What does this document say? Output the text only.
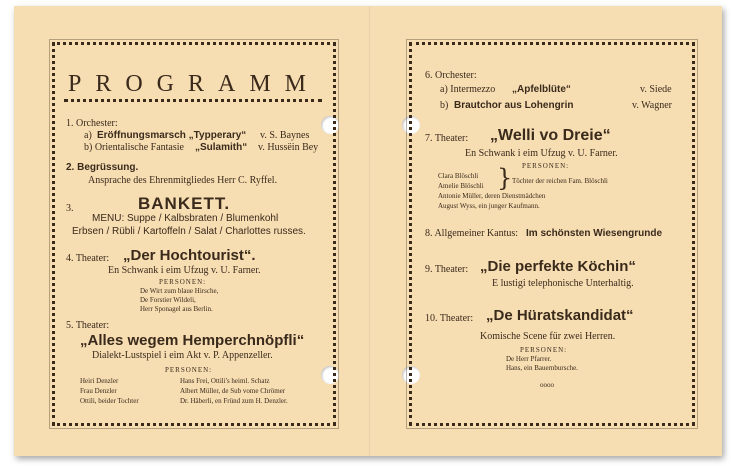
PROGRAMM
1. Orchester:
a) Eröffnungsmarsch „Typperary“ v. S. Baynes
b) Orientalische Fantasie „Sulamith“ v. Hussëin Bey
2. Begrüssung.
Ansprache des Ehrenmitgliedes Herr C. Ryffel.
3.	BANKETT.
MENU: Suppe / Kalbsbraten / Blumenkohl
Erbsen / Rübli / Kartoffeln / Salat / Charlottes russes.
4. Theater: „Der Hochtourist“.
En Schwank i eim Ufzug v. U. Farner.
PERSONEN:
De Wirt zum blaue Hirsche,
De Forstier Wildeli,
Herr Sponagel aus Berlin.
5. Theater:
„Alles wegem Hemperchnöpfli“
Dialekt-Lustspiel i eim Akt v. P. Appenzeller.
PERSONEN:
Heiri Denzler
Frau Denzler
Ottili, beider Tochter
Hans Frei, Ottili's heiml. Schatz
Albert Müller, de Sub vome Chrömer
Dr. Häberli, en Fründ zum H. Denzler.
6. Orchester:
a) Intermezzo „Apfelblüte“	v. Siede
b) Brautchor aus Lohengrin	v. Wagner
7. Theater: „Welli vo Dreie“
En Schwank i eim Ufzug v. U. Farner.
PERSONEN:
Clara Blöschli
Amelie Blöschli } Töchter der reichen Fam. Blöschli
Antonie Müller, deren Dienstmädchen
August Wyss, ein junger Kaufmann.
8. Allgemeiner Kantus: Im schönsten Wiesengrunde
9. Theater: „Die perfekte Köchin“
E lustigi telephonische Unterhaltig.
10. Theater: „De Hüratskandidat“
Komische Scene für zwei Herren.
PERSONEN:
De Herr Pfarrer.
Hans, ein Bauernbursche.
oooo
